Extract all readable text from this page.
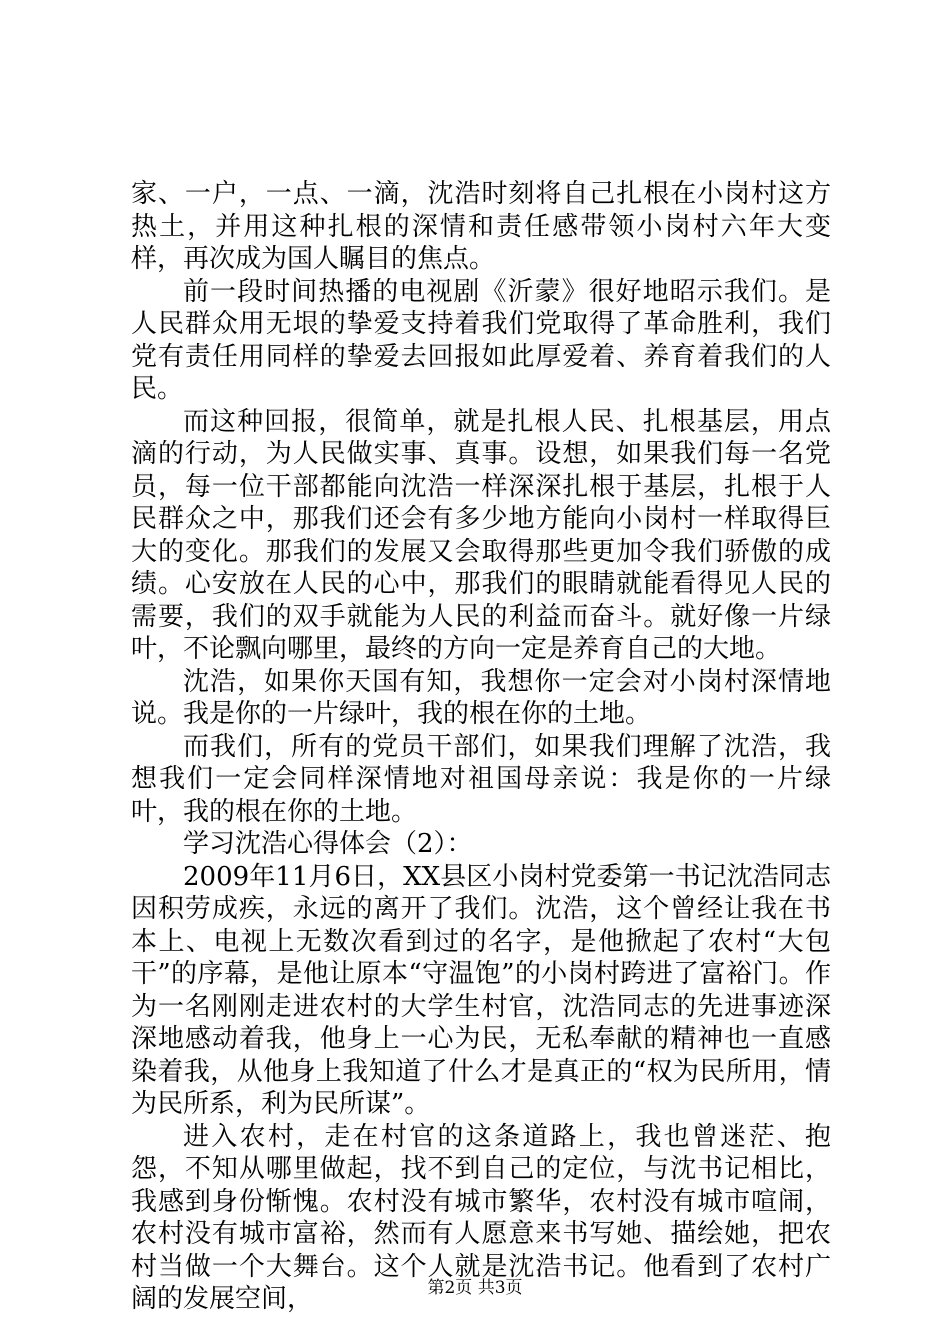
家、一户，一点、一滴，沈浩时刻将自己扎根在小岗村这方热土，并用这种扎根的深情和责任感带领小岗村六年大变样，再次成为国人瞩目的焦点。

前一段时间热播的电视剧《沂蒙》很好地昭示我们。是人民群众用无垠的挚爱支持着我们党取得了革命胜利，我们党有责任用同样的挚爱去回报如此厚爱着、养育着我们的人民。

而这种回报，很简单，就是扎根人民、扎根基层，用点滴的行动，为人民做实事、真事。设想，如果我们每一名党员，每一位干部都能向沈浩一样深深扎根于基层，扎根于人民群众之中，那我们还会有多少地方能向小岗村一样取得巨大的变化。那我们的发展又会取得那些更加令我们骄傲的成绩。心安放在人民的心中，那我们的眼睛就能看得见人民的需要，我们的双手就能为人民的利益而奋斗。就好像一片绿叶，不论飘向哪里，最终的方向一定是养育自己的大地。

沈浩，如果你天国有知，我想你一定会对小岗村深情地说。我是你的一片绿叶，我的根在你的土地。

而我们，所有的党员干部们，如果我们理解了沈浩，我想我们一定会同样深情地对祖国母亲说：我是你的一片绿叶，我的根在你的土地。

学习沈浩心得体会（2）：

2009年11月6日，XX县区小岗村党委第一书记沈浩同志因积劳成疾，永远的离开了我们。沈浩，这个曾经让我在书本上、电视上无数次看到过的名字，是他掀起了农村“大包干”的序幕，是他让原本“守温饱”的小岗村跨进了富裕门。作为一名刚刚走进农村的大学生村官，沈浩同志的先进事迹深深地感动着我，他身上一心为民，无私奉献的精神也一直感染着我，从他身上我知道了什么才是真正的“权为民所用，情为民所系，利为民所谋”。

进入农村，走在村官的这条道路上，我也曾迷茫、抱怨，不知从哪里做起，找不到自己的定位，与沈书记相比，我感到身份惭愧。农村没有城市繁华，农村没有城市喧闹，农村没有城市富裕，然而有人愿意来书写她、描绘她，把农村当做一个大舞台。这个人就是沈浩书记。他看到了农村广阔的发展空间，	第2页 共3页
